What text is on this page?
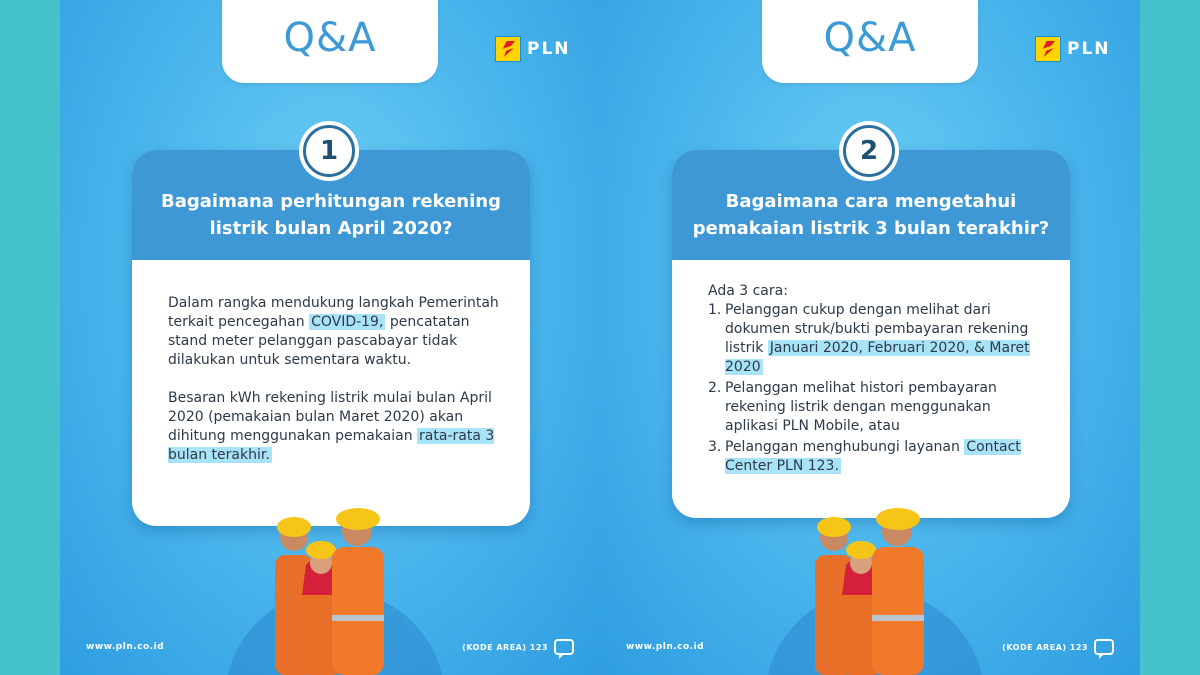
Q&A	PLN
1
Bagaimana perhitungan rekening listrik bulan April 2020?

Dalam rangka mendukung langkah Pemerintah terkait pencegahan COVID-19, pencatatan stand meter pelanggan pascabayar tidak dilakukan untuk sementara waktu.

Besaran kWh rekening listrik mulai bulan April 2020 (pemakaian bulan Maret 2020) akan dihitung menggunakan pemakaian rata-rata 3 bulan terakhir.

www.pln.co.id	(KODE AREA) 123
Q&A	PLN
2
Bagaimana cara mengetahui pemakaian listrik 3 bulan terakhir?

Ada 3 cara:

1. Pelanggan cukup dengan melihat dari dokumen struk/bukti pembayaran rekening listrik Januari 2020, Februari 2020, & Maret 2020
2. Pelanggan melihat histori pembayaran rekening listrik dengan menggunakan aplikasi PLN Mobile, atau
3. Pelanggan menghubungi layanan Contact Center PLN 123.
www.pln.co.id	(KODE AREA) 123
